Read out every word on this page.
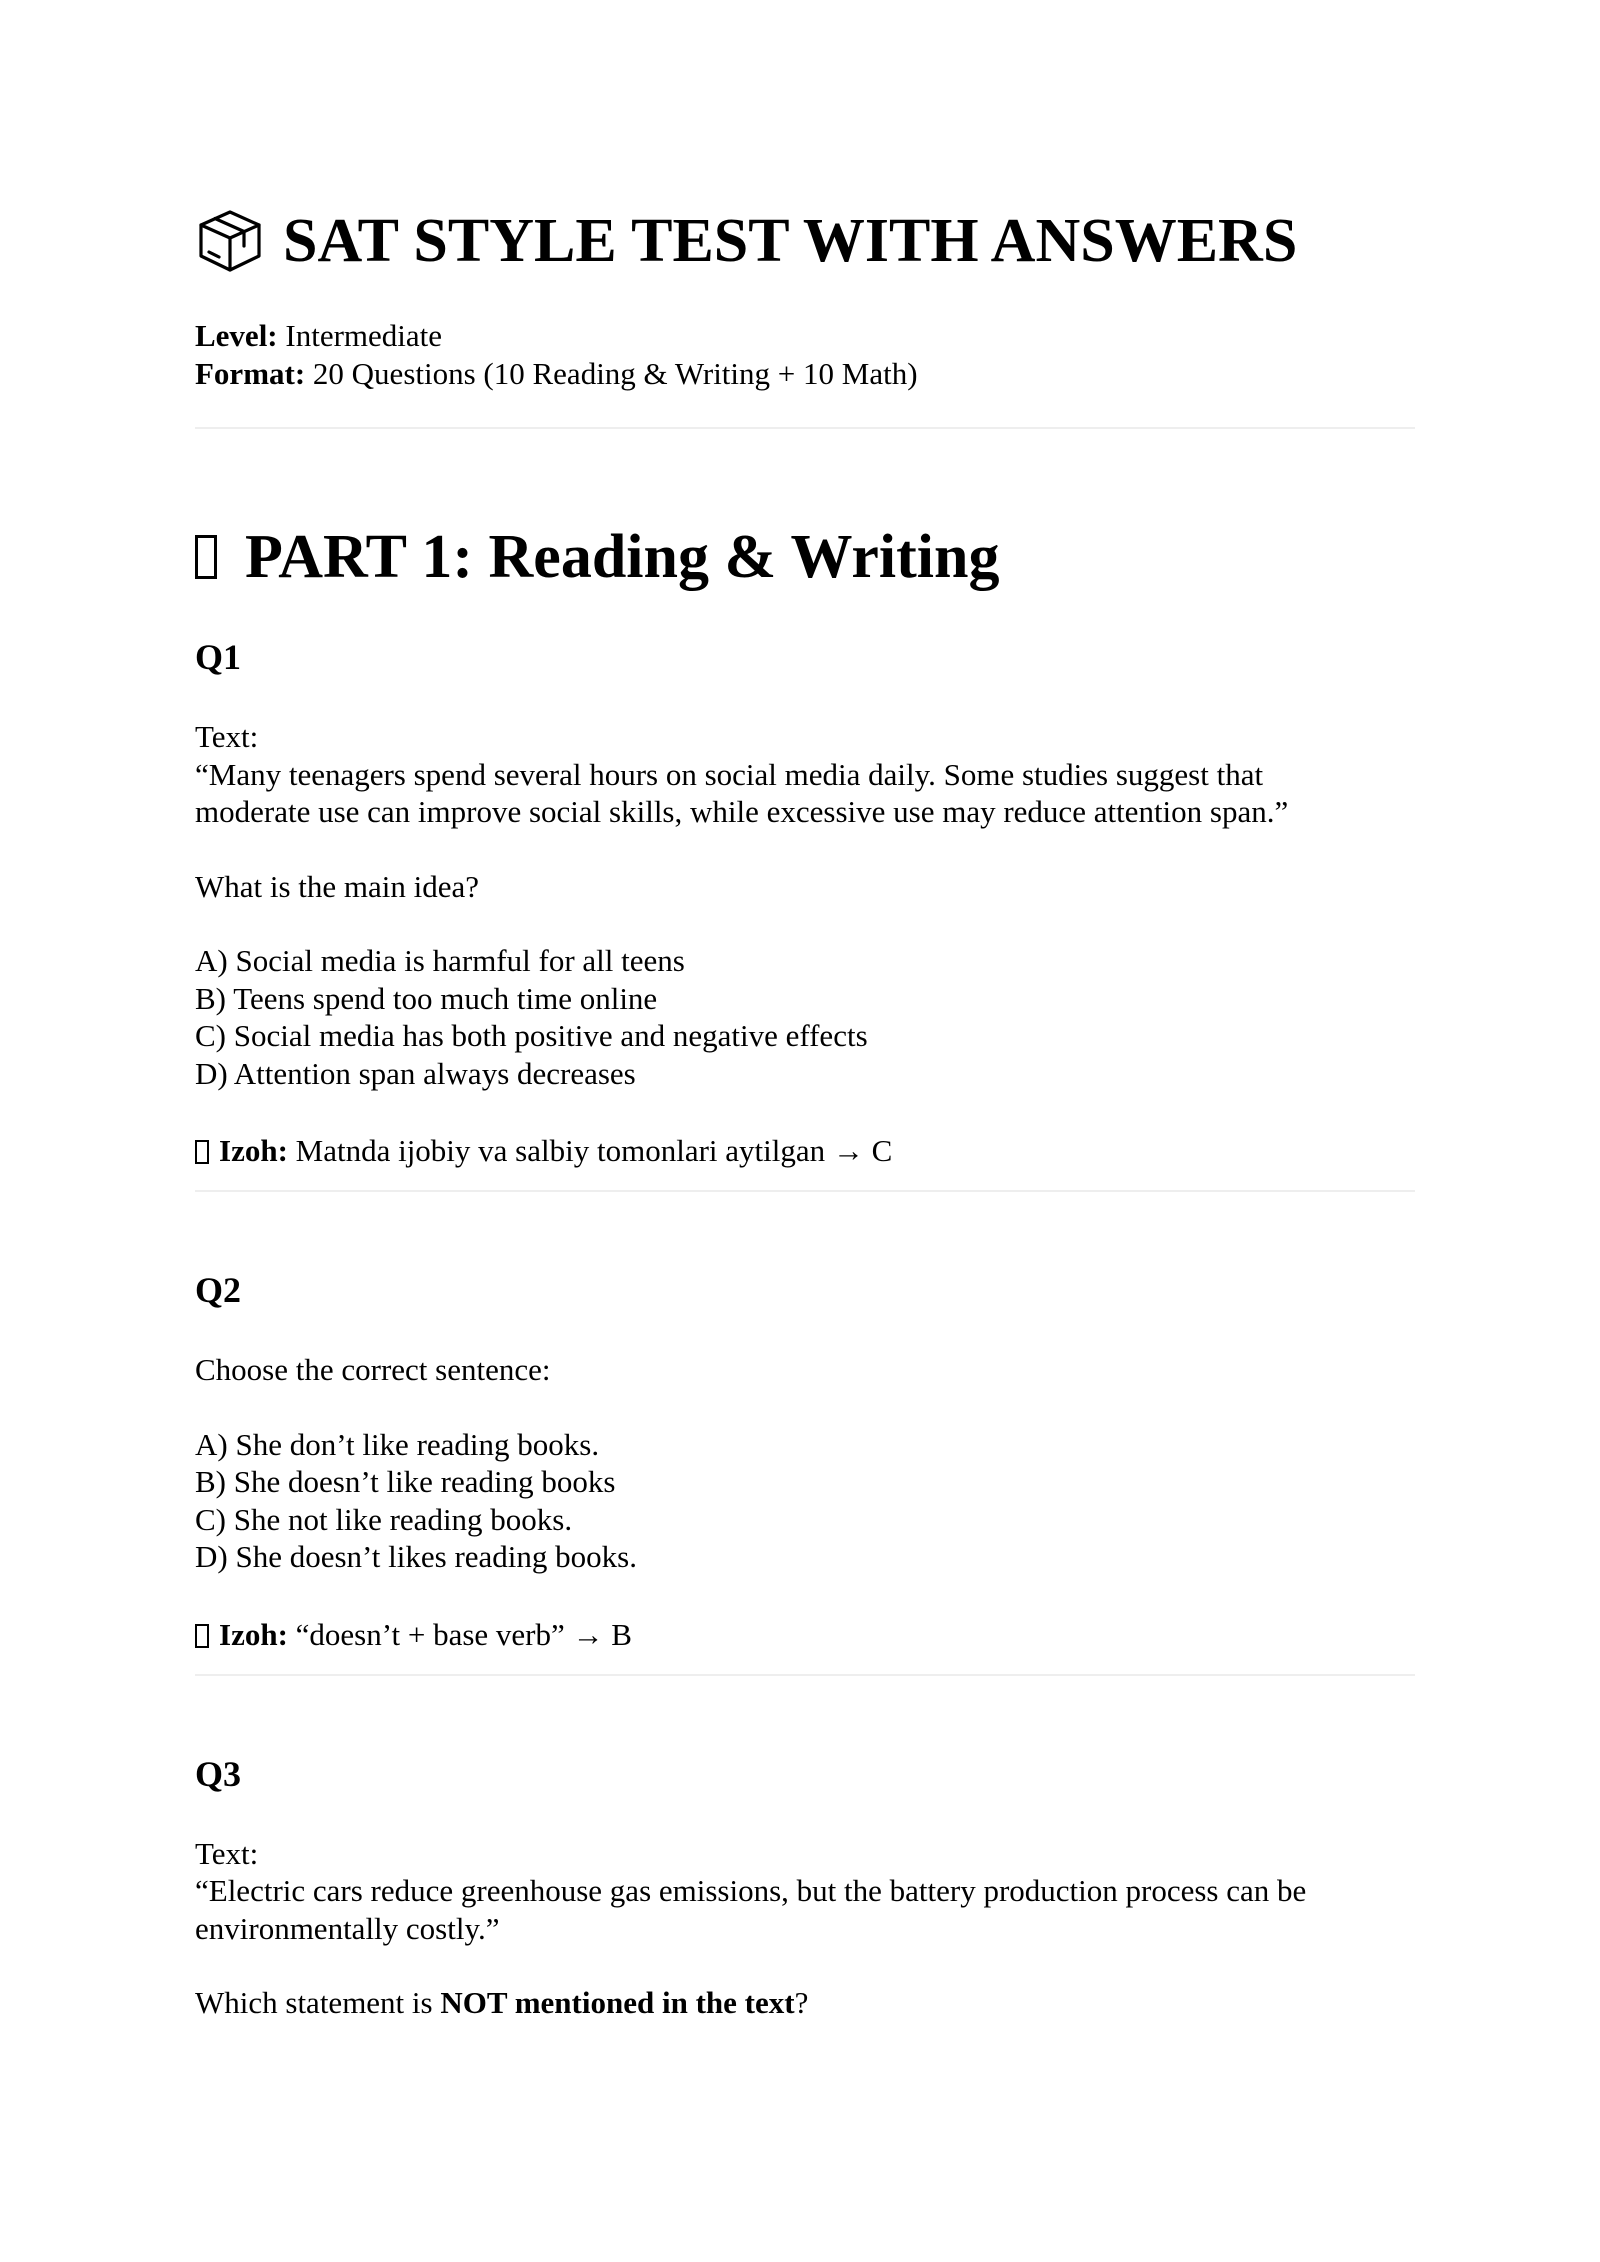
SAT STYLE TEST WITH ANSWERS
Level: Intermediate
Format: 20 Questions (10 Reading & Writing + 10 Math)
PART 1: Reading & Writing
Q1
Text:
“Many teenagers spend several hours on social media daily. Some studies suggest that
moderate use can improve social skills, while excessive use may reduce attention span.”
What is the main idea?
A) Social media is harmful for all teens
B) Teens spend too much time online
C) Social media has both positive and negative effects
D) Attention span always decreases
Izoh: Matnda ijobiy va salbiy tomonlari aytilgan → C
Q2
Choose the correct sentence:
A) She don’t like reading books.
B) She doesn’t like reading books
C) She not like reading books.
D) She doesn’t likes reading books.
Izoh: “doesn’t + base verb” → B
Q3
Text:
“Electric cars reduce greenhouse gas emissions, but the battery production process can be
environmentally costly.”
Which statement is NOT mentioned in the text?
